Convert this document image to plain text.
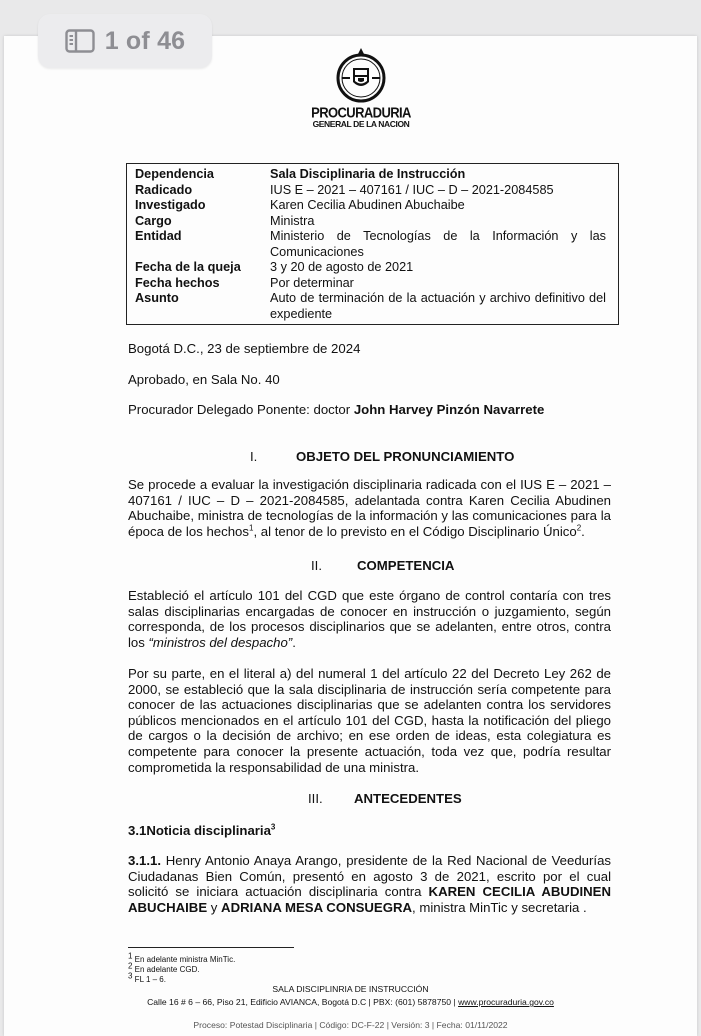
1 of 46
PROCURADURIA
GENERAL DE LA NACION
Dependencia	Sala Disciplinaria de Instrucción
Radicado	IUS E – 2021 – 407161 / IUC – D – 2021-2084585
Investigado	Karen Cecilia Abudinen Abuchaibe
Cargo	Ministra
Entidad	Ministerio de Tecnologías de la Información y las Comunicaciones
Fecha de la queja	3 y 20 de agosto de 2021
Fecha hechos	Por determinar
Asunto	Auto de terminación de la actuación y archivo definitivo del expediente
Bogotá D.C., 23 de septiembre de 2024
Aprobado, en Sala No. 40
Procurador Delegado Ponente: doctor John Harvey Pinzón Navarrete
I.	OBJETO DEL PRONUNCIAMIENTO
Se procede a evaluar la investigación disciplinaria radicada con el IUS E – 2021 – 407161 / IUC – D – 2021-2084585, adelantada contra Karen Cecilia Abudinen Abuchaibe, ministra de tecnologías de la información y las comunicaciones para la época de los hechos$^1$, al tenor de lo previsto en el Código Disciplinario Único$^2$.
II.	COMPETENCIA
Estableció el artículo 101 del CGD que este órgano de control contaría con tres salas disciplinarias encargadas de conocer en instrucción o juzgamiento, según corresponda, de los procesos disciplinarios que se adelanten, entre otros, contra los “ministros del despacho”.
Por su parte, en el literal a) del numeral 1 del artículo 22 del Decreto Ley 262 de 2000, se estableció que la sala disciplinaria de instrucción sería competente para conocer de las actuaciones disciplinarias que se adelanten contra los servidores públicos mencionados en el artículo 101 del CGD, hasta la notificación del pliego de cargos o la decisión de archivo; en ese orden de ideas, esta colegiatura es competente para conocer la presente actuación, toda vez que, podría resultar comprometida la responsabilidad de una ministra.
III. ANTECEDENTES
3.1Noticia disciplinaria$^3$
3.1.1. Henry Antonio Anaya Arango, presidente de la Red Nacional de Veedurías Ciudadanas Bien Común, presentó en agosto 3 de 2021, escrito por el cual solicitó se iniciara actuación disciplinaria contra KAREN CECILIA ABUDINEN ABUCHAIBE y ADRIANA MESA CONSUEGRA, ministra MinTic y secretaria .
$^1$ En adelante ministra MinTic.
$^2$ En adelante CGD.
$^3$ FL 1 – 6.
SALA DISCIPLINRIA DE INSTRUCCIÓN
Calle 16 # 6 – 66, Piso 21, Edificio AVIANCA, Bogotá D.C | PBX: (601) 5878750 | www.procuraduria.gov.co
Proceso: Potestad Disciplinaria | Código: DC-F-22 | Versión: 3 | Fecha: 01/11/2022
